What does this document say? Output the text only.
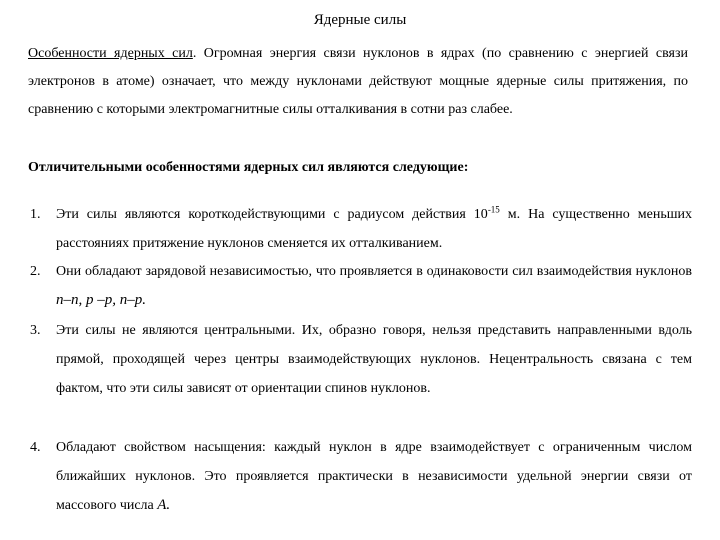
Ядерные силы

Особенности ядерных сил. Огромная энергия связи нуклонов в ядрах (по сравнению с энергией связи электронов в атоме) означает, что между нуклонами действуют мощные ядерные силы притяжения, по сравнению с которыми электромагнитные силы отталкивания в сотни раз слабее.

Отличительными особенностями ядерных сил являются следующие:
1. Эти силы являются короткодействующими с радиусом действия $10^{-15}$ м. На существенно меньших расстояниях притяжение нуклонов сменяется их отталкиванием.
2. Они обладают зарядовой независимостью, что проявляется в одинаковости сил взаимодействия нуклонов n–n, p –p, n–p.
3. Эти силы не являются центральными. Их, образно говоря, нельзя представить направленными вдоль прямой, проходящей через центры взаимодействующих нуклонов. Нецентральность связана с тем фактом, что эти силы зависят от ориентации спинов нуклонов.
4. Обладают свойством насыщения: каждый нуклон в ядре взаимодействует с ограниченным числом ближайших нуклонов. Это проявляется практически в независимости удельной энергии связи от массового числа А.
